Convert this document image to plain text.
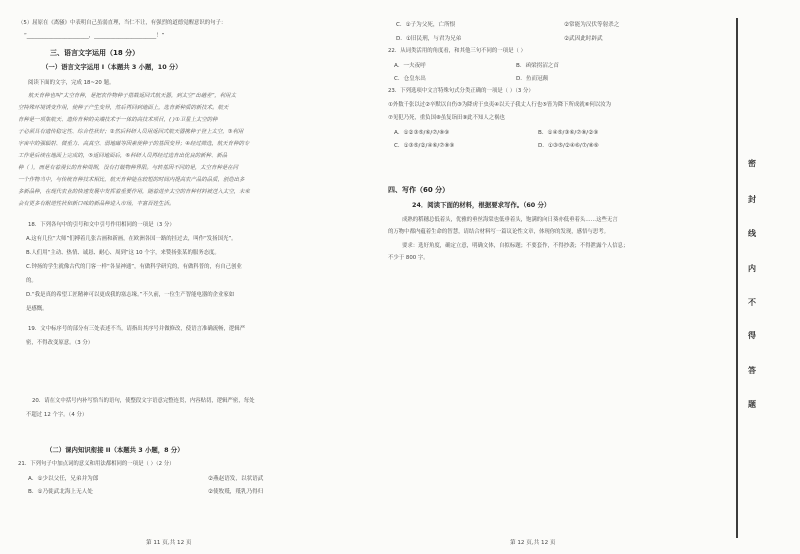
（5）屈原在《离骚》中表明自己虽弱直理，当仁不让，有强烈的道德觉醒意识的句子：
“_______________________，_______________________！”
三、语言文字运用（18 分）
（一）语言文字运用 I（本题共 3 小题，10 分）
阅读下面的文字，完成 18~20 题。
航天育种也叫“太空育种，是把农作物种子搭载返回式航天器，到太空“出趟差”，利用太
空特殊环境诱变作用，使种子产生变异，然后再回到地面上，选育新种质的新技术。航天
育种是一项集航天、遗传育种的尖端技术于一体的高技术项目，( )①卫星上太空的种
子必须具有遗传稳定性、综合性状好；②然后科研人员用返回式航天器携种子登上太空，③利用
宇宙中的强辐射、微重力、高真空、弱地磁等因素使种子的基因变异；④经过筛选，航天育种的专
工作是后续在地面上完成的，⑤返回地面后，⑥科研人员再经过选育出优良的新种、新品
种（ ），而是有着漫长的育种周期，没有打破物种界限。与转基因不同的是，太空育种是在同
一个作物当中，与传统育种技术相比，航天育种能在较短的时间内提高农产品的品质，创造出多
多新品种，在现代农业的快速发展中发挥着重要作用，随着进步太空的育种材料被送入太空，未来
会有更多有耐逆性状和新口味的新品种进入市场，丰富百姓生活。
18．下列各句中的引号和文中引号作用相同的一项是（3 分）
A.这有几位“大师”们搏着几张古画和新画，在欧洲各国一路的挂过去，叫作“发扬国光”。
B.人们用“主动、热情、诚恳、耐心、周到”这 10 个字，来赞扬张某的服务态度。
C.钟扬的学生就像古代的门客一样“各显神通”，有做科学研究的，有做科普的，有自己创业
的。
D.“我是真的希望工匠精神可以更成我的塞志缘。”不久前，一位生产智能电器的企业家如
是感慨。
19．文中标序号的部分有三处表述不当，请指出其序号并做修改，使语言准确流畅，逻辑严
密，不得改变原意。（3 分）
20．请在文中括号内补写恰当的语句，使整段文字语意完整连贯，内容贴切，逻辑严密，每处
不超过 12 个字。（4 分）
（二）课内知识衔接 II（本题共 3 小题，8 分）
21．下列句子中加点词的意义和用法都相同的一项是（ ）（2 分）
A．①少以父任，兄弟并为郎	②燕赵语发，以状语武
B．①乃徙武北海上无人处	②使牧羝，羝乳乃得归
第 11 页,共 12 页
C．①子为父死，亡所恨	②常能为汉伏等射杀之
D．①旧民刑，与君为兄弟	②武因此时辟武
22．从词类活用的角度看，和其他三句不同的一项是（ ）
A．一夫夜呼	B．函梁拐沼之首
C．仓皇东出	D．鱼而冠颠
23．下列选项中文言特殊句式分类正确的一项是（ ）（3 分）
①外数千张以过②卒默以自伤③为降虏于虫夷④以天子我丈人行也⑤皆为降下所成就⑥何以汝为
⑦见犯乃死，重负国⑧虽复诣田⑨此不知人之祸也
A．①②③⑤/⑥/⑦/⑧⑨	B．①④⑤/③⑥/⑦⑧/②⑨
C．①③⑤/②/④⑥/⑦⑧⑨	D．①③⑤/②④⑥/⑦/⑧⑨
四、写作（60 分）
24．阅读下面的材料，根据要求写作。（60 分）
成熟的稻穗总低着头，优雅的垂丝海棠也低垂着头，饱满的向日葵亦低垂着头……这些无言
的万物中都内蕴着生命的智慧，请结合材料写一篇议论性文章，体现你的发现，感悟与思考。
要求：选好角度，确定立意，明确文体，自拟标题；不要套作，不得抄袭；不得泄露个人信息；
不少于 800 字。
第 12 页,共 12 页
密
封
线
内
不
得
答
题
